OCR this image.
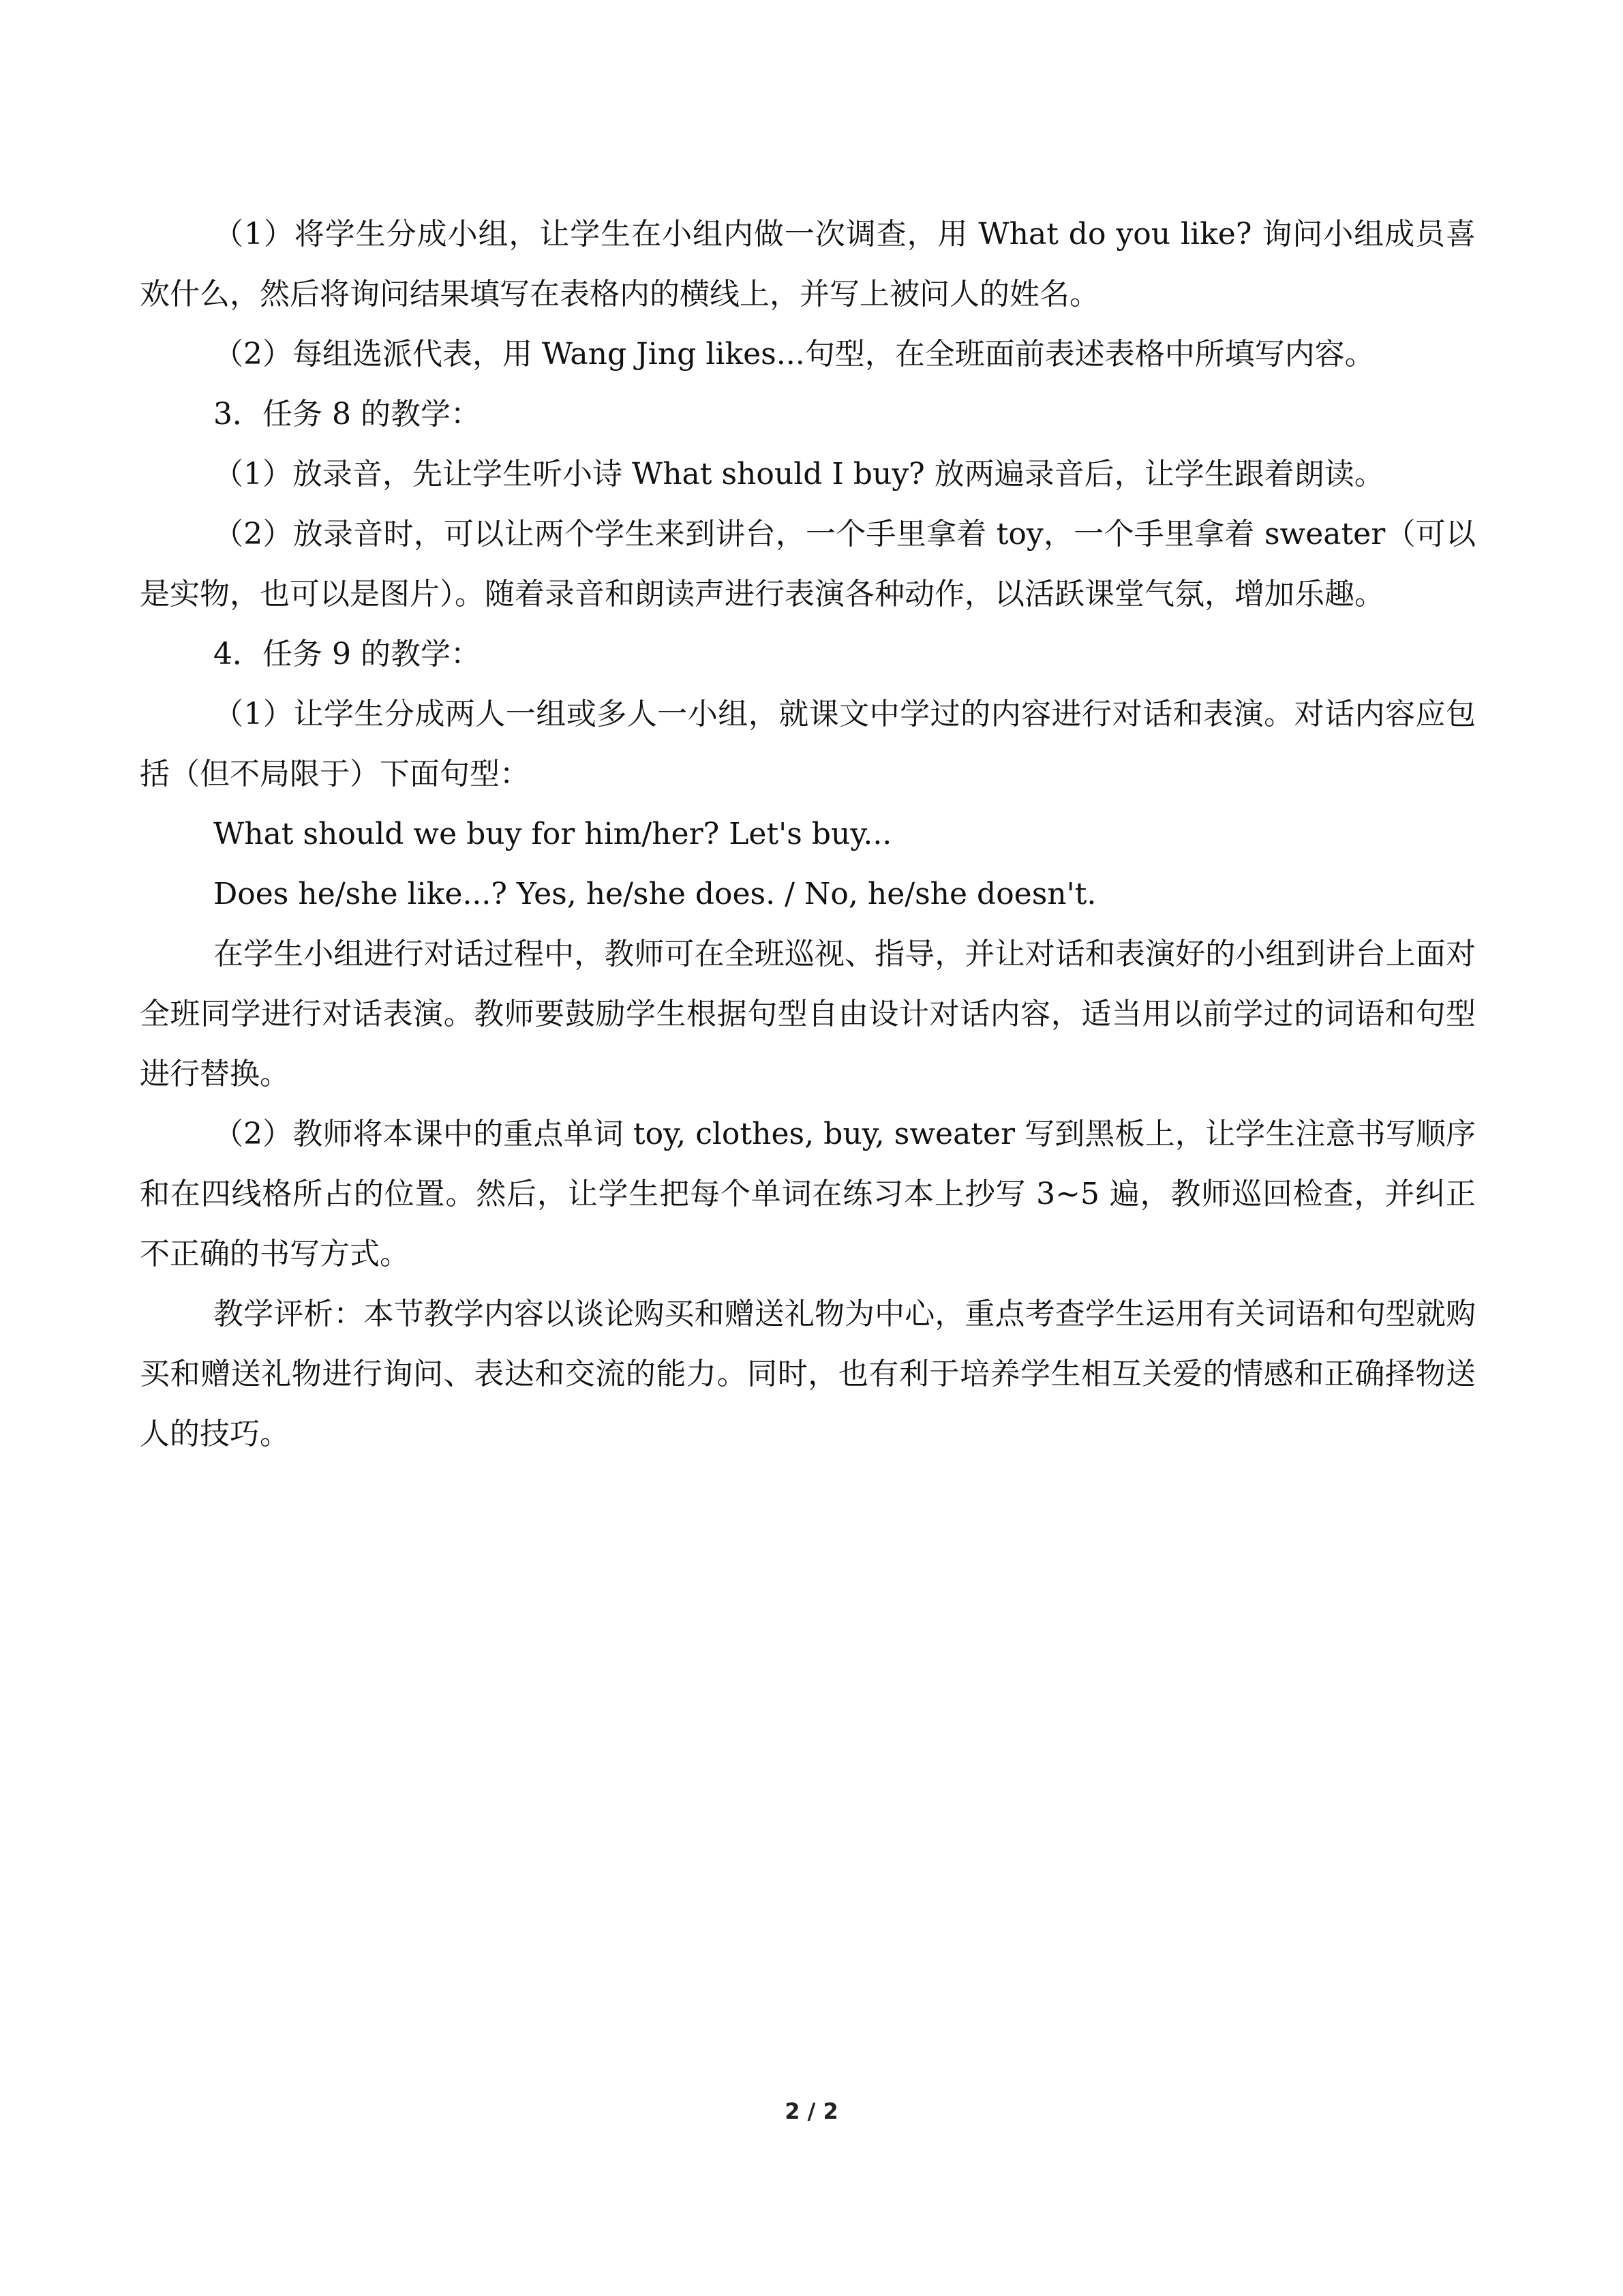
（1）将学生分成小组，让学生在小组内做一次调查，用 What do you like? 询问小组成员喜欢什么，然后将询问结果填写在表格内的横线上，并写上被问人的姓名。

（2）每组选派代表，用 Wang Jing likes...句型，在全班面前表述表格中所填写内容。

3．任务 8 的教学：

（1）放录音，先让学生听小诗 What should I buy? 放两遍录音后，让学生跟着朗读。

（2）放录音时，可以让两个学生来到讲台，一个手里拿着 toy，一个手里拿着 sweater（可以是实物，也可以是图片）。随着录音和朗读声进行表演各种动作，以活跃课堂气氛，增加乐趣。

4．任务 9 的教学：

（1）让学生分成两人一组或多人一小组，就课文中学过的内容进行对话和表演。对话内容应包括（但不局限于）下面句型：

What should we buy for him/her? Let's buy...

Does he/she like...? Yes, he/she does. / No, he/she doesn't.

在学生小组进行对话过程中，教师可在全班巡视、指导，并让对话和表演好的小组到讲台上面对全班同学进行对话表演。教师要鼓励学生根据句型自由设计对话内容，适当用以前学过的词语和句型进行替换。

（2）教师将本课中的重点单词 toy, clothes, buy, sweater 写到黑板上，让学生注意书写顺序和在四线格所占的位置。然后，让学生把每个单词在练习本上抄写 3~5 遍，教师巡回检查，并纠正不正确的书写方式。

教学评析：本节教学内容以谈论购买和赠送礼物为中心，重点考查学生运用有关词语和句型就购买和赠送礼物进行询问、表达和交流的能力。同时，也有利于培养学生相互关爱的情感和正确择物送人的技巧。

2 / 2
